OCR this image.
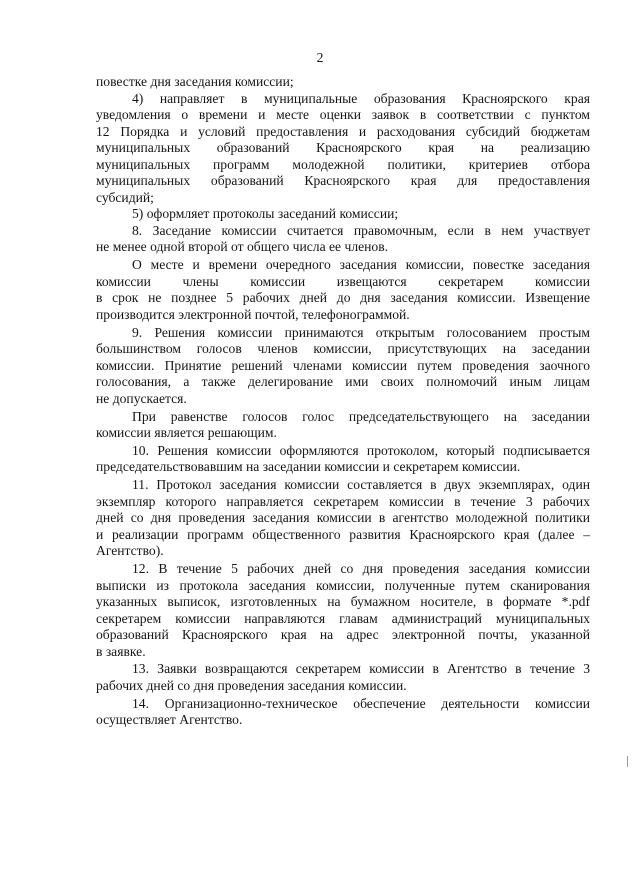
2
повестке дня заседания комиссии;
4) направляет в муниципальные образования Красноярского края
уведомления о времени и месте оценки заявок в соответствии с пунктом
12 Порядка и условий предоставления и расходования субсидий бюджетам
муниципальных образований Красноярского края на реализацию
муниципальных программ молодежной политики, критериев отбора
муниципальных образований Красноярского края для предоставления
субсидий;
5) оформляет протоколы заседаний комиссии;
8. Заседание комиссии считается правомочным, если в нем участвует
не менее одной второй от общего числа ее членов.
О месте и времени очередного заседания комиссии, повестке заседания
комиссии члены комиссии извещаются секретарем комиссии
в срок не позднее 5 рабочих дней до дня заседания комиссии. Извещение
производится электронной почтой, телефонограммой.
9. Решения комиссии принимаются открытым голосованием простым
большинством голосов членов комиссии, присутствующих на заседании
комиссии. Принятие решений членами комиссии путем проведения заочного
голосования, а также делегирование ими своих полномочий иным лицам
не допускается.
При равенстве голосов голос председательствующего на заседании
комиссии является решающим.
10. Решения комиссии оформляются протоколом, который подписывается
председательствовавшим на заседании комиссии и секретарем комиссии.
11. Протокол заседания комиссии составляется в двух экземплярах, один
экземпляр которого направляется секретарем комиссии в течение 3 рабочих
дней со дня проведения заседания комиссии в агентство молодежной политики
и реализации программ общественного развития Красноярского края (далее –
Агентство).
12. В течение 5 рабочих дней со дня проведения заседания комиссии
выписки из протокола заседания комиссии, полученные путем сканирования
указанных выписок, изготовленных на бумажном носителе, в формате *.pdf
секретарем комиссии направляются главам администраций муниципальных
образований Красноярского края на адрес электронной почты, указанной
в заявке.
13. Заявки возвращаются секретарем комиссии в Агентство в течение 3
рабочих дней со дня проведения заседания комиссии.
14. Организационно-техническое обеспечение деятельности комиссии
осуществляет Агентство.
